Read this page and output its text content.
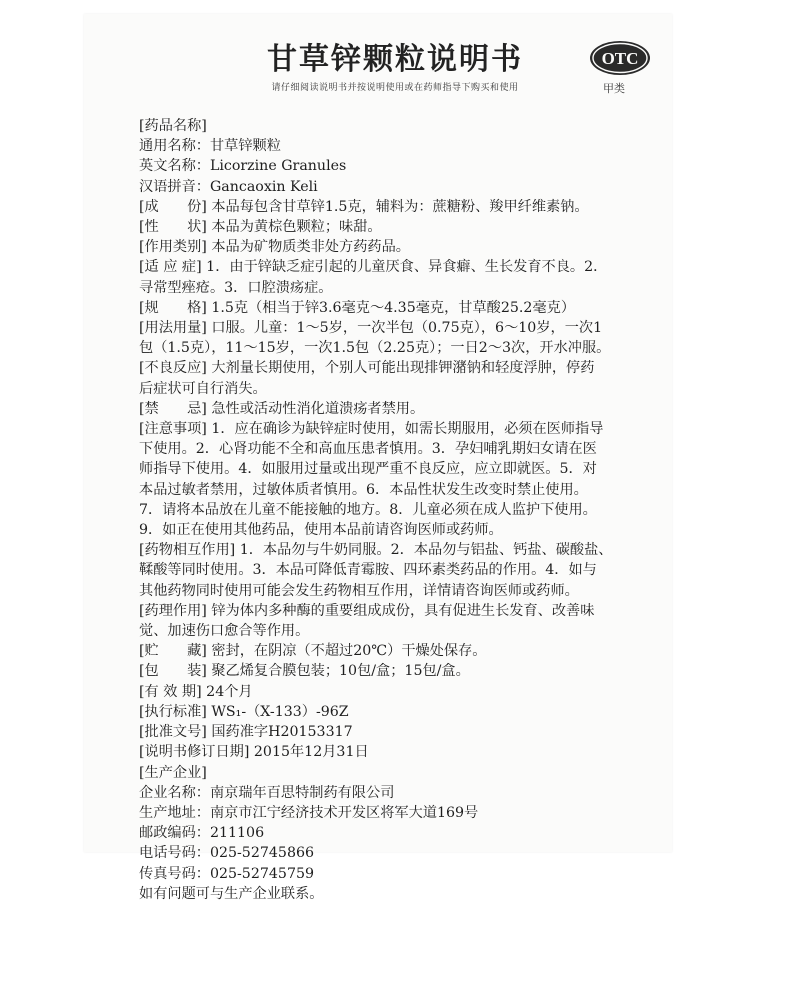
甘草锌颗粒说明书
请仔细阅读说明书并按说明使用或在药师指导下购买和使用
OTC
甲类

[药品名称]

通用名称：甘草锌颗粒

英文名称：Licorzine Granules

汉语拼音：Gancaoxin Keli

[成　　份] 本品每包含甘草锌1.5克，辅料为：蔗糖粉、羧甲纤维素钠。

[性　　状] 本品为黄棕色颗粒；味甜。

[作用类别] 本品为矿物质类非处方药药品。

[适 应 症] 1．由于锌缺乏症引起的儿童厌食、异食癖、生长发育不良。2．

寻常型痤疮。3．口腔溃疡症。

[规　　格] 1.5克（相当于锌3.6毫克～4.35毫克，甘草酸25.2毫克）

[用法用量] 口服。儿童：1～5岁，一次半包（0.75克），6～10岁，一次1

包（1.5克），11～15岁，一次1.5包（2.25克）；一日2～3次，开水冲服。

[不良反应] 大剂量长期使用，个别人可能出现排钾潴钠和轻度浮肿，停药

后症状可自行消失。

[禁　　忌] 急性或活动性消化道溃疡者禁用。

[注意事项] 1．应在确诊为缺锌症时使用，如需长期服用，必须在医师指导

下使用。2．心肾功能不全和高血压患者慎用。3．孕妇哺乳期妇女请在医

师指导下使用。4．如服用过量或出现严重不良反应，应立即就医。5．对

本品过敏者禁用，过敏体质者慎用。6．本品性状发生改变时禁止使用。

7．请将本品放在儿童不能接触的地方。8．儿童必须在成人监护下使用。

9．如正在使用其他药品，使用本品前请咨询医师或药师。

[药物相互作用] 1．本品勿与牛奶同服。2．本品勿与铝盐、钙盐、碳酸盐、

鞣酸等同时使用。3．本品可降低青霉胺、四环素类药品的作用。4．如与

其他药物同时使用可能会发生药物相互作用，详情请咨询医师或药师。

[药理作用] 锌为体内多种酶的重要组成成份，具有促进生长发育、改善味

觉、加速伤口愈合等作用。

[贮　　藏] 密封，在阴凉（不超过20℃）干燥处保存。

[包　　装] 聚乙烯复合膜包装；10包/盒；15包/盒。

[有 效 期] 24个月

[执行标准] WS₁-（X-133）-96Z

[批准文号] 国药准字H20153317

[说明书修订日期] 2015年12月31日

[生产企业]

企业名称：南京瑞年百思特制药有限公司

生产地址：南京市江宁经济技术开发区将军大道169号

邮政编码：211106

电话号码：025-52745866

传真号码：025-52745759

如有问题可与生产企业联系。
